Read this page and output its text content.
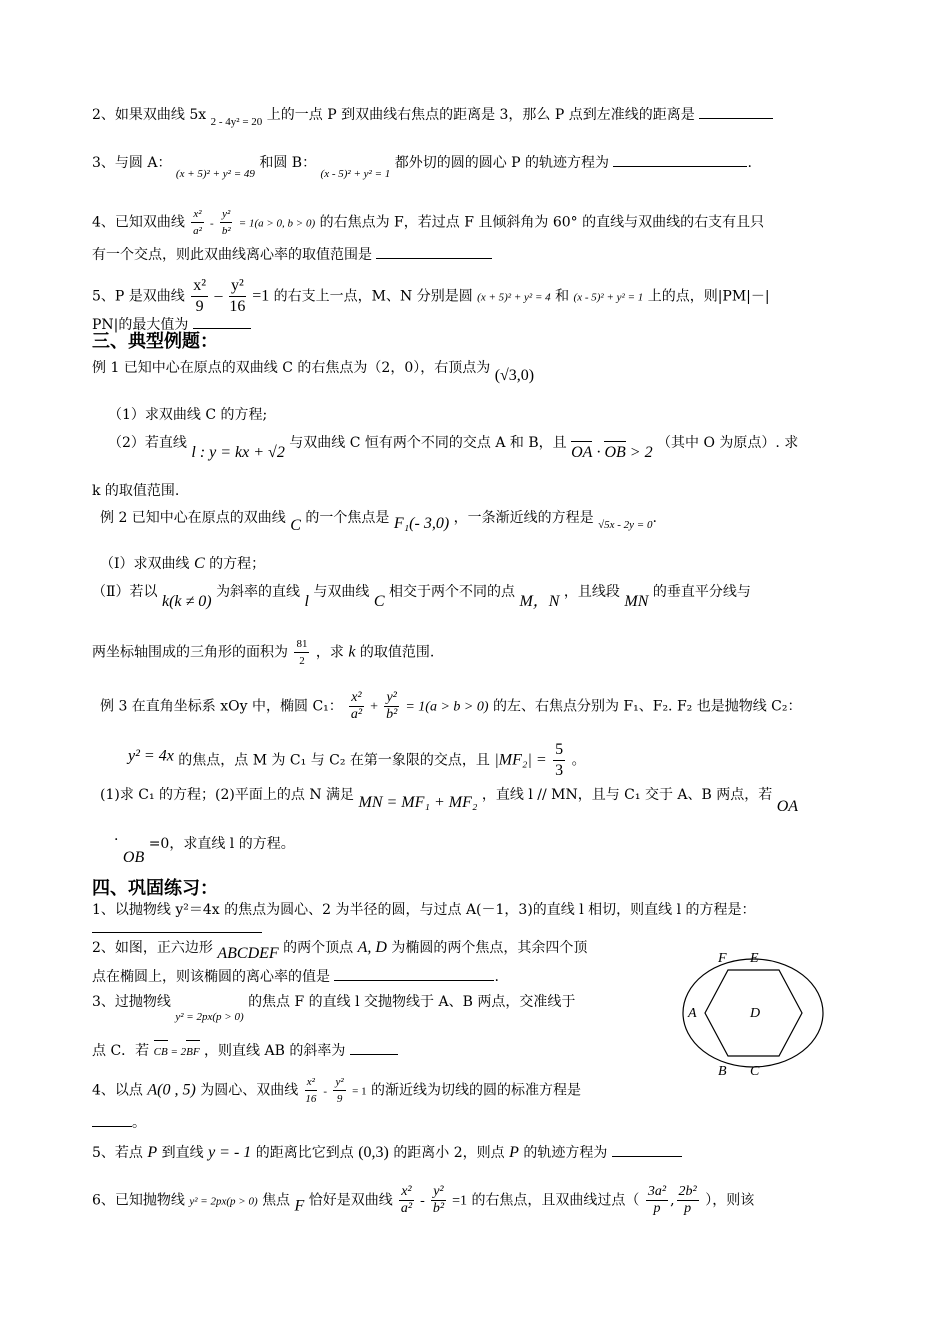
2、如果双曲线 5x $_{2 - 4y^2 = 20}$ 上的一点 P 到双曲线右焦点的距离是 3，那么 P 点到左准线的距离是
3、与圆 A： $_{(x + 5)^2 + y^2 = 49}$ 和圆 B： $_{(x - 5)^2 + y^2 = 1}$ 都外切的圆的圆心 P 的轨迹方程为	.
4、已知双曲线 $\frac{\text{x²}}{\text{a²}} - \frac{\text{y²}}{\text{b²}} = 1(a > 0$, b > 0) 的右焦点为 F，若过点 F 且倾斜角为 60° 的直线与双曲线的右支有且只
有一个交点，则此双曲线离心率的取值范围是
5、P 是双曲线 $\frac{\text{x²}}{9} - \frac{\text{y²}}{16} =1$ 的右支上一点，M、N 分别是圆 (x + 5)² + y² = 4 和 (x - 5)² + y² = 1 上的点，则|PM|－|
PN|的最大值为
三、典型例题：
例 1 已知中心在原点的双曲线 C 的右焦点为（2，0），右顶点为 (√3,0)
（1）求双曲线 C 的方程;
（2）若直线 l : y = kx + √2 与双曲线 C 恒有两个不同的交点 A 和 B，且 OA · OB > 2 （其中 O 为原点）. 求
k 的取值范围.
例 2 已知中心在原点的双曲线 C 的一个焦点是 F₁(- 3,0) ，一条渐近线的方程是 $_{√5x - 2y = 0}$.
（Ⅰ）求双曲线 C 的方程；
（Ⅱ）若以 k(k ≠ 0) 为斜率的直线 l 与双曲线 C 相交于两个不同的点 M，N ，且线段 MN 的垂直平分线与
两坐标轴围成的三角形的面积为 $\frac{81}{2}$ ，求 k 的取值范围.
例 3 在直角坐标系 xOy 中，椭圆 C₁： $\frac{\text{x²}}{\text{a²}} + \frac{\text{y²}}{\text{b²}} = 1(a > b > 0)$ 的左、右焦点分别为 F₁、F₂. F₂ 也是抛物线 C₂：
y² = 4x 的焦点，点 M 为 C₁ 与 C₂ 在第一象限的交点，且 $|MF_2| = \frac{5}{3}$ 。
(1)求 C₁ 的方程；(2)平面上的点 N 满足 MN = MF₁ + MF₂ ，直线 l // MN，且与 C₁ 交于 A、B 两点，若 OA
· OB =0，求直线 l 的方程。
四、巩固练习：
1、以抛物线 y²＝4x 的焦点为圆心、2 为半径的圆，与过点 A(－1，3)的直线 l 相切，则直线 l 的方程是：
2、如图，正六边形 ABCDEF 的两个顶点 A, D 为椭圆的两个焦点，其余四个顶
点在椭圆上，则该椭圆的离心率的值是	.
3、过抛物线 $_{y^2 = 2px(p > 0)}$ 的焦点 F 的直线 l 交抛物线于 A、B 两点，交准线于
点 C．若 CB = 2BF ，则直线 AB 的斜率为
4、以点 A(0 , 5) 为圆心、双曲线 $\frac{\text{x²}}{16} - \frac{\text{y²}}{9} = 1$ 的渐近线为切线的圆的标准方程是
。
5、若点 P 到直线 y = - 1 的距离比它到点 (0,3) 的距离小 2，则点 P 的轨迹方程为
6、已知抛物线 y² = 2px(p > 0) 焦点 F 恰好是双曲线 $\frac{\text{x²}}{\text{a²}} - \frac{\text{y²}}{\text{b²}} =1$ 的右焦点，且双曲线过点（ $\frac{\text{3a²}}{p}$ , $\frac{\text{2b²}}{p}$ ），则该
F E
A	D
B C
